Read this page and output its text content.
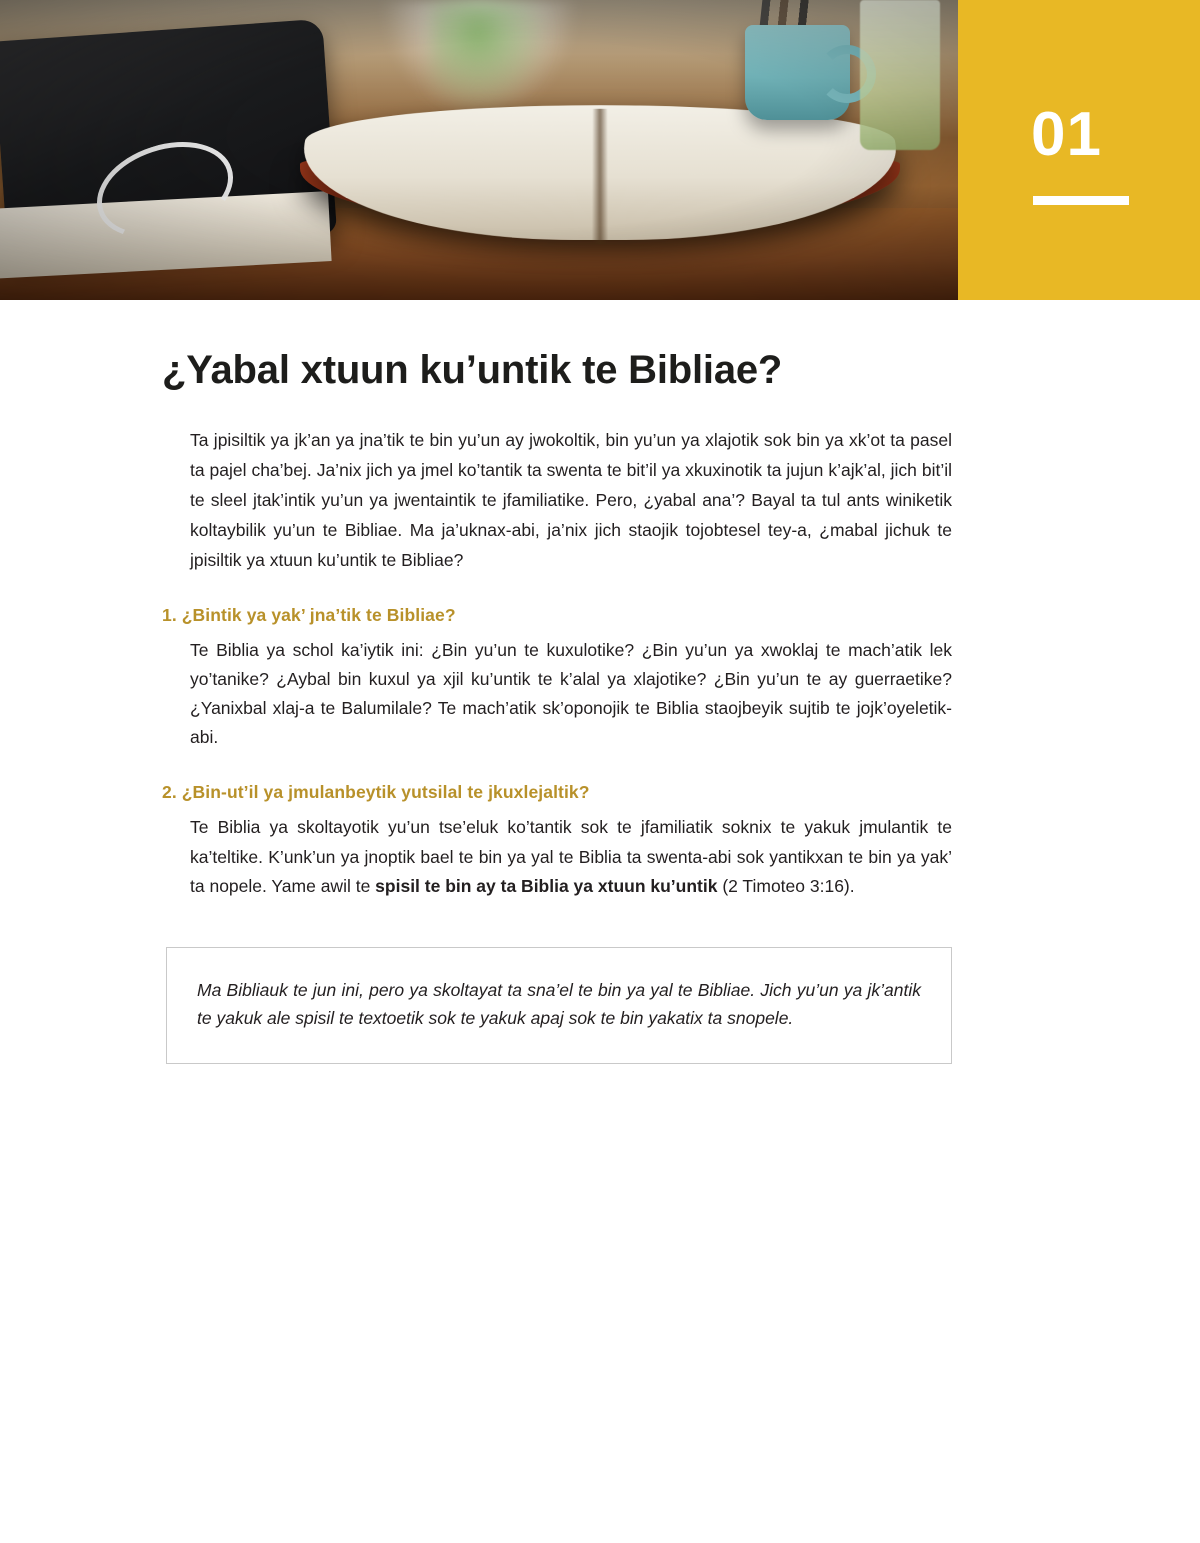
01
¿Yabal xtuun ku’untik te Bibliae?

Ta jpisiltik ya jk’an ya jna’tik te bin yu’un ay jwokoltik, bin yu’un ya xlajotik sok bin ya xk’ot ta pasel ta pajel cha’bej. Ja’nix jich ya jmel ko’tantik ta swenta te bit’il ya xkuxinotik ta jujun k’ajk’al, jich bit’il te sleel jtak’intik yu’un ya jwentaintik te jfamiliatike. Pero, ¿yabal ana’? Bayal ta tul ants winiketik koltaybilik yu’un te Bibliae. Ma ja’uknax-abi, ja’nix jich staojik tojobtesel tey-a, ¿mabal jichuk te jpisiltik ya xtuun ku’untik te Bibliae?

1. ¿Bintik ya yak’ jna’tik te Bibliae?

Te Biblia ya schol ka’iytik ini: ¿Bin yu’un te kuxulotike? ¿Bin yu’un ya xwoklaj te mach’atik lek yo’tanike? ¿Aybal bin kuxul ya xjil ku’untik te k’alal ya xlajotike? ¿Bin yu’un te ay guerraetike? ¿Yanixbal xlaj-a te Balumilale? Te mach’atik sk’oponojik te Biblia staojbeyik sujtib te jojk’oyeletik-abi.

2. ¿Bin-ut’il ya jmulanbeytik yutsilal te jkuxlejaltik?

Te Biblia ya skoltayotik yu’un tse’eluk ko’tantik sok te jfamiliatik soknix te yakuk jmulantik te ka’teltike. K’unk’un ya jnoptik bael te bin ya yal te Biblia ta swenta-abi sok yantikxan te bin ya yak’ ta nopele. Yame awil te spisil te bin ay ta Biblia ya xtuun ku’untik (2 Timoteo 3:16).

Ma Bibliauk te jun ini, pero ya skoltayat ta sna’el te bin ya yal te Bibliae. Jich yu’un ya jk’antik te yakuk ale spisil te textoetik sok te yakuk apaj sok te bin yakatix ta snopele.
